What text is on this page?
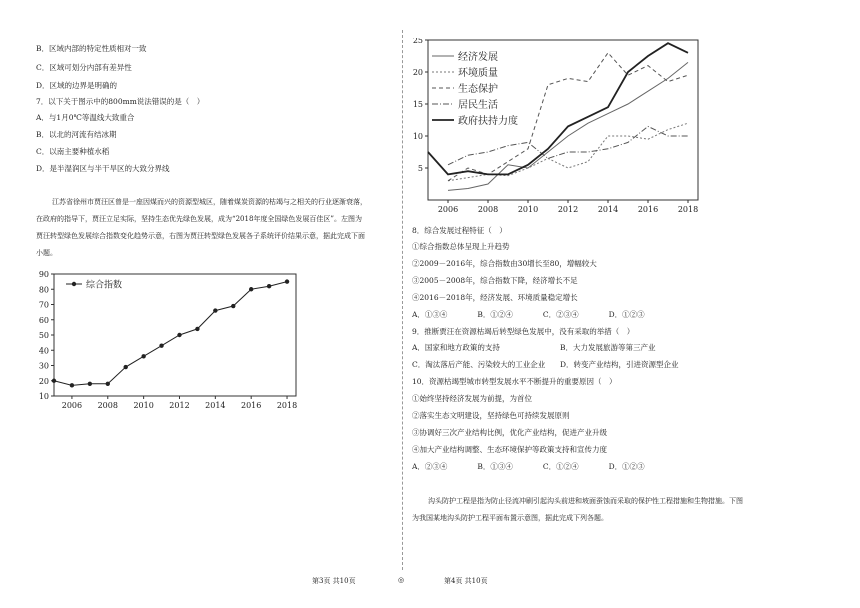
B．区域内部的特定性质相对一致
C．区域可划分内部有差异性
D．区域的边界是明确的
7．以下关于图示中的800mm说法错误的是（　）
A．与1月0℃等温线大致重合
B．以北的河流有结冰期
C．以南主要种植水稻
D．是半湿润区与半干旱区的大致分界线
江苏省徐州市贾汪区曾是一座因煤而兴的资源型城区，随着煤炭资源的枯竭与之相关的行业逐渐衰落，
在政府的指导下，贾汪立足实际，坚持生态优先绿色发展，成为“2018年度全国绿色发展百佳区”。左图为
贾汪转型绿色发展综合指数变化趋势示意，右图为贾汪转型绿色发展各子系统评价结果示意，据此完成下面
小题。
2006 2008 2010 2012 2014 2016 2018
10
20
30
40
50
60
70
80
90
综合指数
2006 2008 2010 2012 2014 2016 2018
5
10
15
20
25
经济发展
环境质量
生态保护
居民生活
政府扶持力度
8．综合发展过程特征（　）
①综合指数总体呈现上升趋势
②2009－2016年，综合指数由30增长至80，增幅较大
③2005－2008年，综合指数下降，经济增长不足
④2016－2018年，经济发展、环境质量稳定增长
A．①③④　　　　B．①②④　　　　C．②③④　　　　D．①②③
9．推断贾汪在资源枯竭后转型绿色发展中，没有采取的举措（　）
A．国家和地方政策的支持	B．大力发展旅游等第三产业
C．淘汰落后产能、污染较大的工业企业 D．转变产业结构，引进资源型企业
10．资源枯竭型城市转型发展水平不断提升的重要原因（　）
①始终坚持经济发展为前提，为首位
②落实生态文明建设，坚持绿色可持续发展原则
③协调好三次产业结构比例，优化产业结构，促进产业升级
④加大产业结构调整、生态环境保护等政策支持和宣传力度
A．②③④　　　　B．①③④　　　　C．①②④　　　　D．①②③
沟头防护工程是指为防止径流冲刷引起沟头前进和坡面蚕蚀而采取的保护性工程措施和生物措施。下图
为我国某地沟头防护工程平面布置示意图，据此完成下列各题。
第3页 共10页	◎	第4页 共10页
